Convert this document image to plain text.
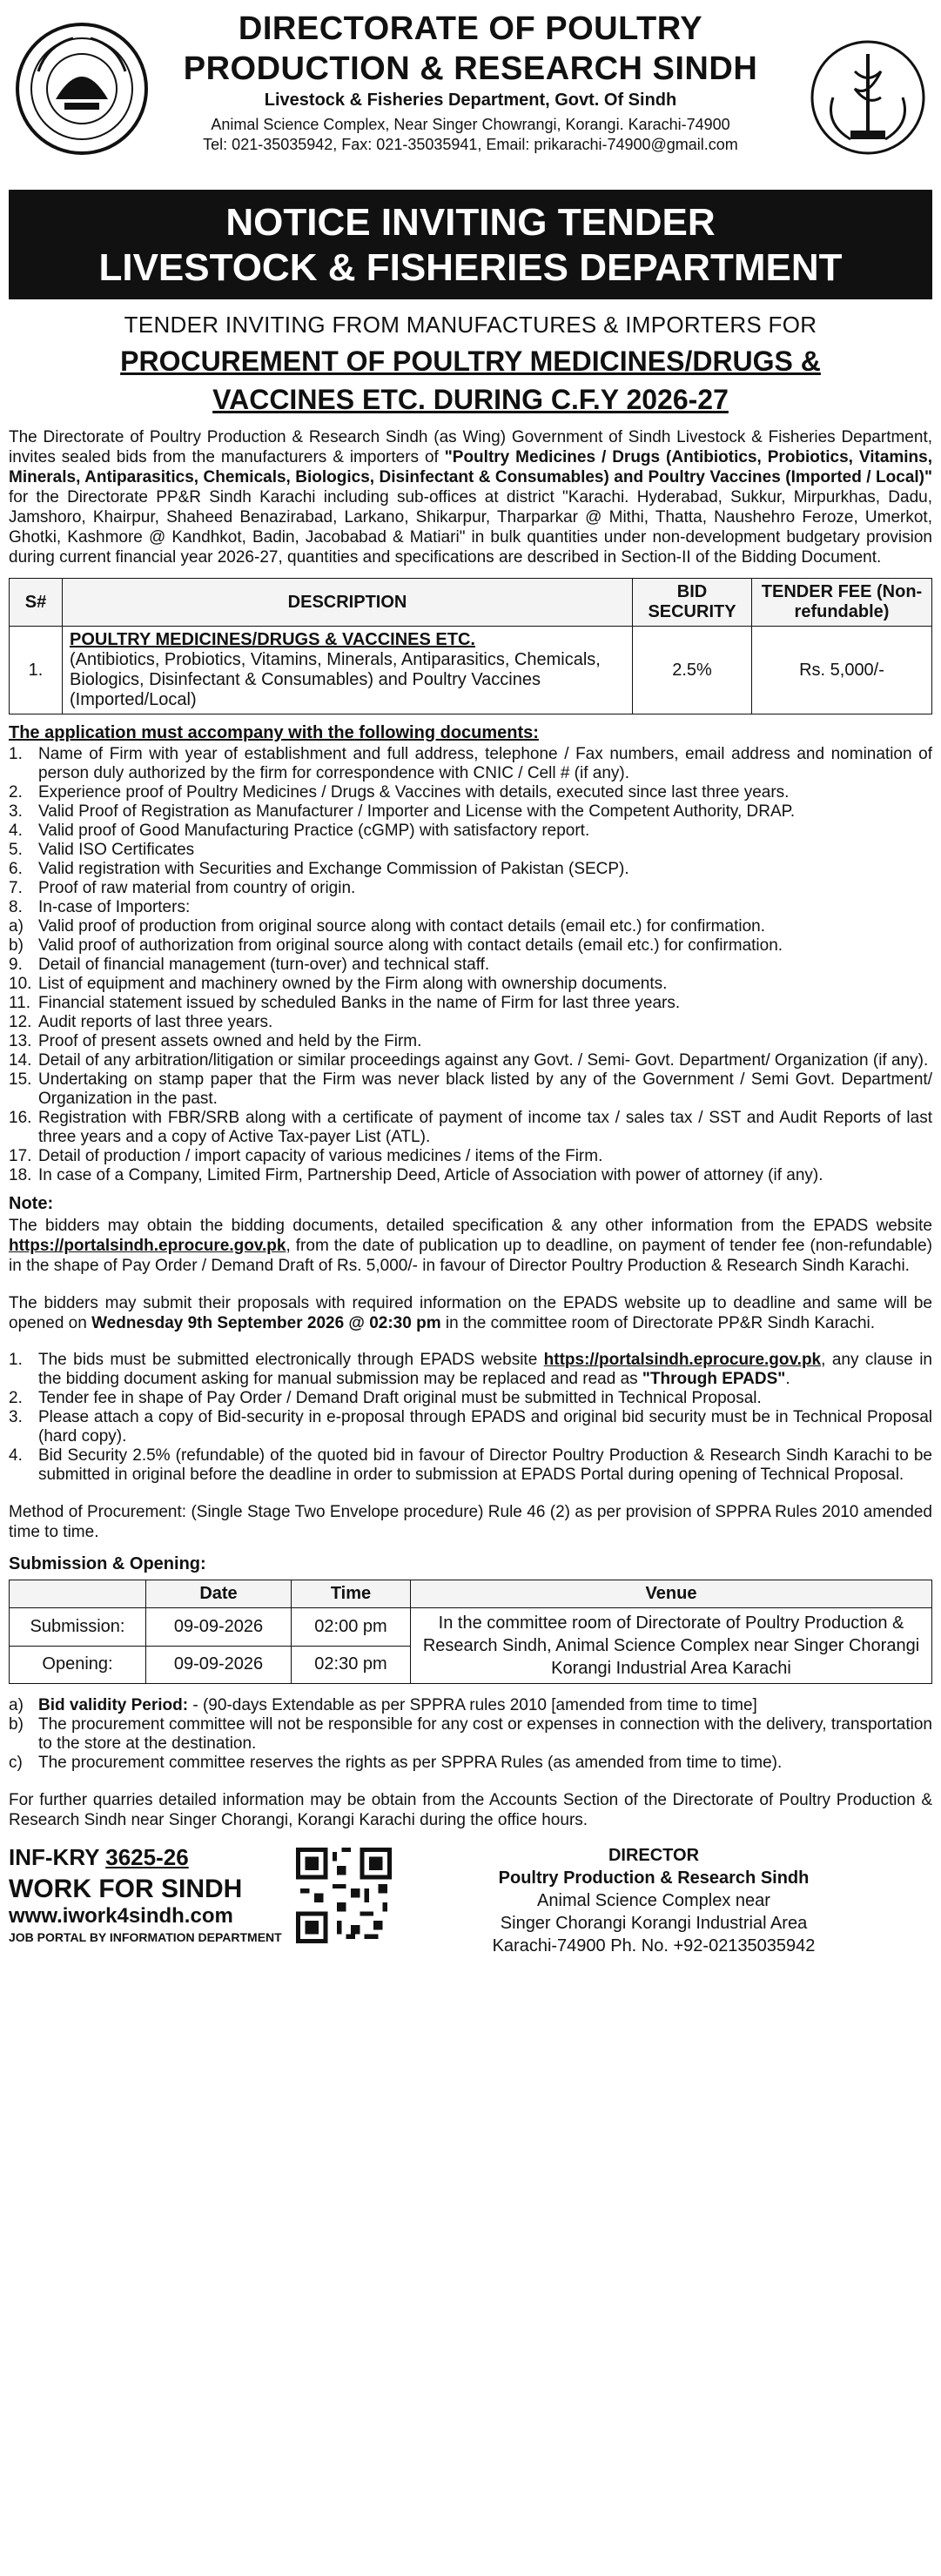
DIRECTORATE OF POULTRY
PRODUCTION & RESEARCH SINDH
Livestock & Fisheries Department, Govt. Of Sindh
Animal Science Complex, Near Singer Chowrangi, Korangi. Karachi-74900
Tel: 021-35035942, Fax: 021-35035941, Email: prikarachi-74900@gmail.com
NOTICE INVITING TENDER
LIVESTOCK & FISHERIES DEPARTMENT
TENDER INVITING FROM MANUFACTURES & IMPORTERS FOR
PROCUREMENT OF POULTRY MEDICINES/DRUGS &
VACCINES ETC. DURING C.F.Y 2026-27

The Directorate of Poultry Production & Research Sindh (as Wing) Government of Sindh Livestock & Fisheries Department, invites sealed bids from the manufacturers & importers of "Poultry Medicines / Drugs (Antibiotics, Probiotics, Vitamins, Minerals, Antiparasitics, Chemicals, Biologics, Disinfectant & Consumables) and Poultry Vaccines (Imported / Local)" for the Directorate PP&R Sindh Karachi including sub-offices at district "Karachi. Hyderabad, Sukkur, Mirpurkhas, Dadu, Jamshoro, Khairpur, Shaheed Benazirabad, Larkano, Shikarpur, Tharparkar @ Mithi, Thatta, Naushehro Feroze, Umerkot, Ghotki, Kashmore @ Kandhkot, Badin, Jacobabad & Matiari" in bulk quantities under non-development budgetary provision during current financial year 2026-27, quantities and specifications are described in Section-II of the Bidding Document.

S#	DESCRIPTION	BID SECURITY	TENDER FEE (Non-refundable)
1.	POULTRY MEDICINES/DRUGS & VACCINES ETC.
(Antibiotics, Probiotics, Vitamins, Minerals, Antiparasitics, Chemicals, Biologics, Disinfectant & Consumables) and Poultry Vaccines (Imported/Local)	2.5%	Rs. 5,000/-
The application must accompany with the following documents:
1. Name of Firm with year of establishment and full address, telephone / Fax numbers, email address and nomination of person duly authorized by the firm for correspondence with CNIC / Cell # (if any).
2. Experience proof of Poultry Medicines / Drugs & Vaccines with details, executed since last three years.
3. Valid Proof of Registration as Manufacturer / Importer and License with the Competent Authority, DRAP.
4. Valid proof of Good Manufacturing Practice (cGMP) with satisfactory report.
5. Valid ISO Certificates
6. Valid registration with Securities and Exchange Commission of Pakistan (SECP).
7. Proof of raw material from country of origin.
8. In-case of Importers:
a) Valid proof of production from original source along with contact details (email etc.) for confirmation.
b) Valid proof of authorization from original source along with contact details (email etc.) for confirmation.
9. Detail of financial management (turn-over) and technical staff.
10. List of equipment and machinery owned by the Firm along with ownership documents.
11. Financial statement issued by scheduled Banks in the name of Firm for last three years.
12. Audit reports of last three years.
13. Proof of present assets owned and held by the Firm.
14. Detail of any arbitration/litigation or similar proceedings against any Govt. / Semi- Govt. Department/ Organization (if any).
15. Undertaking on stamp paper that the Firm was never black listed by any of the Government / Semi Govt. Department/ Organization in the past.
16. Registration with FBR/SRB along with a certificate of payment of income tax / sales tax / SST and Audit Reports of last three years and a copy of Active Tax-payer List (ATL).
17. Detail of production / import capacity of various medicines / items of the Firm.
18. In case of a Company, Limited Firm, Partnership Deed, Article of Association with power of attorney (if any).
Note:

The bidders may obtain the bidding documents, detailed specification & any other information from the EPADS website https://portalsindh.eprocure.gov.pk, from the date of publication up to deadline, on payment of tender fee (non-refundable) in the shape of Pay Order / Demand Draft of Rs. 5,000/- in favour of Director Poultry Production & Research Sindh Karachi.

The bidders may submit their proposals with required information on the EPADS website up to deadline and same will be opened on Wednesday 9th September 2026 @ 02:30 pm in the committee room of Directorate PP&R Sindh Karachi.

1. The bids must be submitted electronically through EPADS website https://portalsindh.eprocure.gov.pk, any clause in the bidding document asking for manual submission may be replaced and read as "Through EPADS".
2. Tender fee in shape of Pay Order / Demand Draft original must be submitted in Technical Proposal.
3. Please attach a copy of Bid-security in e-proposal through EPADS and original bid security must be in Technical Proposal (hard copy).
4. Bid Security 2.5% (refundable) of the quoted bid in favour of Director Poultry Production & Research Sindh Karachi to be submitted in original before the deadline in order to submission at EPADS Portal during opening of Technical Proposal.

Method of Procurement: (Single Stage Two Envelope procedure) Rule 46 (2) as per provision of SPPRA Rules 2010 amended time to time.

Submission & Opening:
	Date	Time	Venue
Submission:	09-09-2026	02:00 pm	In the committee room of Directorate of Poultry Production & Research Sindh, Animal Science Complex near Singer Chorangi Korangi Industrial Area Karachi
Opening:	09-09-2026	02:30 pm	
a) Bid validity Period: - (90-days Extendable as per SPPRA rules 2010 [amended from time to time]
b) The procurement committee will not be responsible for any cost or expenses in connection with the delivery, transportation to the store at the destination.
c) The procurement committee reserves the rights as per SPPRA Rules (as amended from time to time).

For further quarries detailed information may be obtain from the Accounts Section of the Directorate of Poultry Production & Research Sindh near Singer Chorangi, Korangi Karachi during the office hours.

INF-KRY 3625-26
WORK FOR SINDH
www.iwork4sindh.com
JOB PORTAL BY INFORMATION DEPARTMENT
DIRECTOR
Poultry Production & Research Sindh
Animal Science Complex near
Singer Chorangi Korangi Industrial Area
Karachi-74900 Ph. No. +92-02135035942
